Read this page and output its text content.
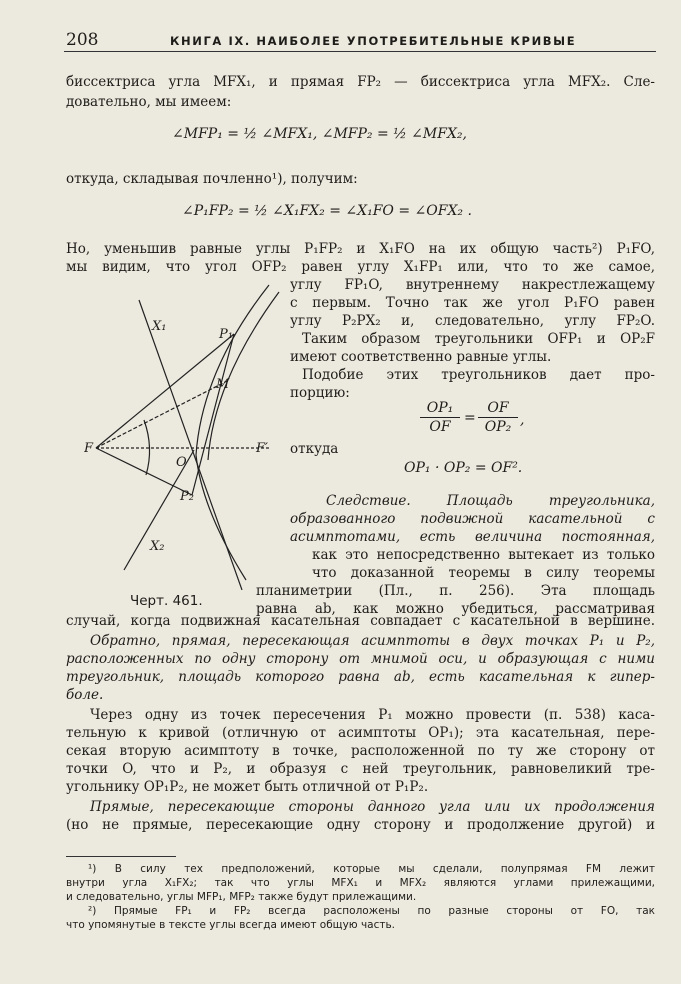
208	КНИГА IX. НАИБОЛЕЕ УПОТРЕБИТЕЛЬНЫЕ КРИВЫЕ
биссектриса угла MFX₁, и прямая FP₂ — биссектриса угла MFX₂. Сле-
довательно, мы имеем:
∠MFP₁ = ½ ∠MFX₁, ∠MFP₂ = ½ ∠MFX₂,
откуда, складывая почленно¹), получим:
∠P₁FP₂ = ½ ∠X₁FX₂ = ∠X₁FO = ∠OFX₂ .
Но, уменьшив равные углы P₁FP₂ и X₁FO на их общую часть²) P₁FO,
мы видим, что угол OFP₂ равен углу X₁FP₁ или, что то же самое,
углу FP₁O, внутреннему накрестлежащему
с первым. Точно так же угол P₁FO равен
углу P₂PX₂ и, следовательно, углу FP₂O.
Таким образом треугольники OFP₁ и OP₂F
имеют соответственно равные углы.
Подобие этих треугольников дает про-
порцию:
OP₁
OF
=
OF
OP₂ ,
откуда
OP₁ · OP₂ = OF².
Следствие. Площадь треугольника,
образованного подвижной касательной с
асимптотами, есть величина постоянная,
как это непосредственно вытекает из только
что доказанной теоремы в силу теоремы
планиметрии (Пл., п. 256). Эта площадь
равна ab, как можно убедиться, рассматривая
X₁
P₁
M
O
F	F′
P₂
X₂
Черт. 461.
случай, когда подвижная касательная совпадает с касательной в вершине.
Обратно, прямая, пересекающая асимптоты в двух точках P₁ и P₂,
расположенных по одну сторону от мнимой оси, и образующая с ними
треугольник, площадь которого равна ab, есть касательная к гипер-
боле.
Через одну из точек пересечения P₁ можно провести (п. 538) каса-
тельную к кривой (отличную от асимптоты OP₁); эта касательная, пере-
секая вторую асимптоту в точке, расположенной по ту же сторону от
точки O, что и P₂, и образуя с ней треугольник, равновеликий тре-
угольнику OP₁P₂, не может быть отличной от P₁P₂.
Прямые, пересекающие стороны данного угла или их продолжения
(но не прямые, пересекающие одну сторону и продолжение другой) и
¹) В силу тех предположений, которые мы сделали, полупрямая FM лежит
внутри угла X₁FX₂; так что углы MFX₁ и MFX₂ являются углами прилежащими,
и следовательно, углы MFP₁, MFP₂ также будут прилежащими.
²) Прямые FP₁ и FP₂ всегда расположены по разные стороны от FO, так
что упомянутые в тексте углы всегда имеют общую часть.
